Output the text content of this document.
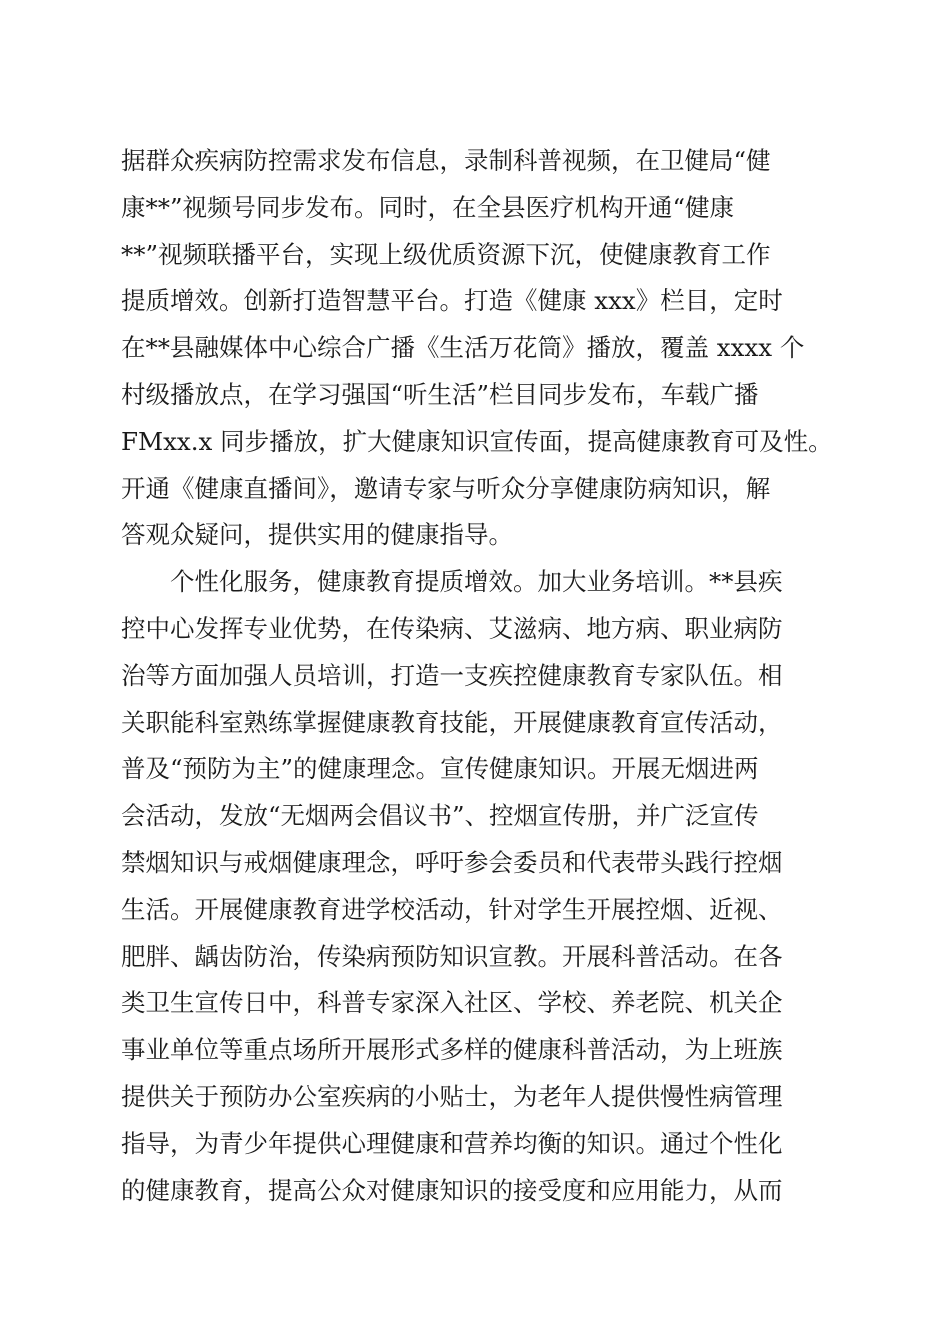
据群众疾病防控需求发布信息，录制科普视频，在卫健局“健
康**”视频号同步发布。同时，在全县医疗机构开通“健康
**”视频联播平台，实现上级优质资源下沉，使健康教育工作
提质增效。创新打造智慧平台。打造《健康 xxx》栏目，定时
在**县融媒体中心综合广播《生活万花筒》播放，覆盖 xxxx 个
村级播放点，在学习强国“听生活”栏目同步发布，车载广播
FMxx.x 同步播放，扩大健康知识宣传面，提高健康教育可及性。
开通《健康直播间》，邀请专家与听众分享健康防病知识，解
答观众疑问，提供实用的健康指导。
个性化服务，健康教育提质增效。加大业务培训。**县疾
控中心发挥专业优势，在传染病、艾滋病、地方病、职业病防
治等方面加强人员培训，打造一支疾控健康教育专家队伍。相
关职能科室熟练掌握健康教育技能，开展健康教育宣传活动，
普及“预防为主”的健康理念。宣传健康知识。开展无烟进两
会活动，发放“无烟两会倡议书”、控烟宣传册，并广泛宣传
禁烟知识与戒烟健康理念，呼吁参会委员和代表带头践行控烟
生活。开展健康教育进学校活动，针对学生开展控烟、近视、
肥胖、龋齿防治，传染病预防知识宣教。开展科普活动。在各
类卫生宣传日中，科普专家深入社区、学校、养老院、机关企
事业单位等重点场所开展形式多样的健康科普活动，为上班族
提供关于预防办公室疾病的小贴士，为老年人提供慢性病管理
指导，为青少年提供心理健康和营养均衡的知识。通过个性化
的健康教育，提高公众对健康知识的接受度和应用能力，从而
